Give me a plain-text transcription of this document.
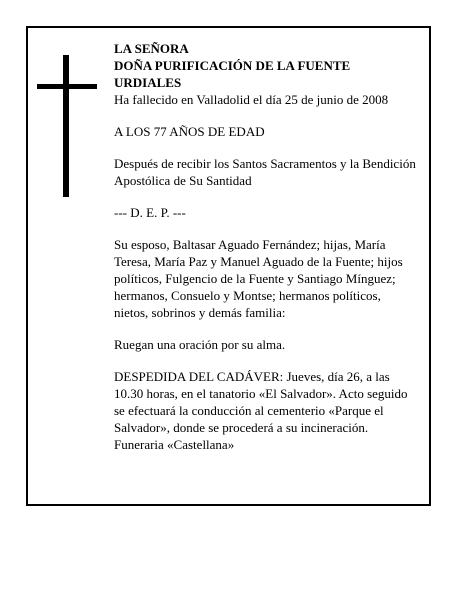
LA SEÑORA

DOÑA PURIFICACIÓN DE LA FUENTE URDIALES

Ha fallecido en Valladolid el día 25 de junio de 2008

A LOS 77 AÑOS DE EDAD

Después de recibir los Santos Sacramentos y la Bendición Apostólica de Su Santidad

--- D. E. P. ---

Su esposo, Baltasar Aguado Fernández; hijas, María Teresa, María Paz y Manuel Aguado de la Fuente; hijos políticos, Fulgencio de la Fuente y Santiago Mínguez; hermanos, Consuelo y Montse; hermanos políticos, nietos, sobrinos y demás familia:

Ruegan una oración por su alma.

DESPEDIDA DEL CADÁVER: Jueves, día 26, a las 10.30 horas, en el tanatorio «El Salvador». Acto seguido se efectuará la conducción al cementerio «Parque el Salvador», donde se procederá a su incineración.

Funeraria «Castellana»
